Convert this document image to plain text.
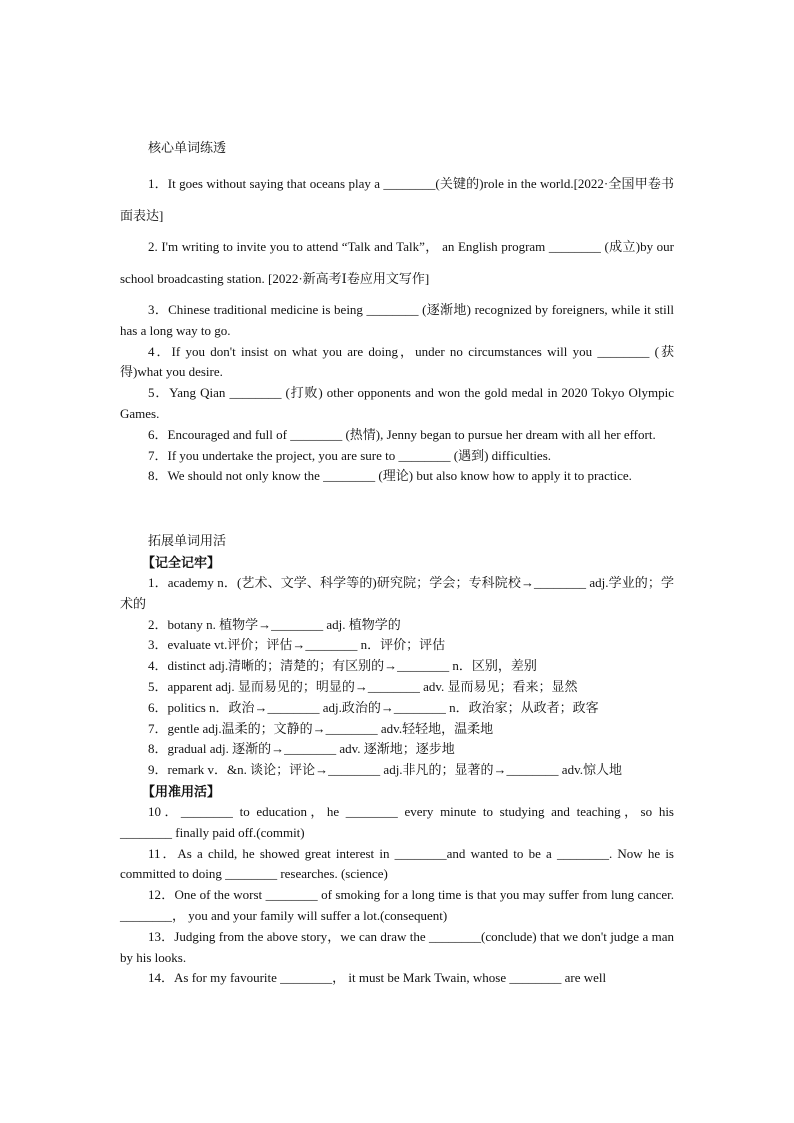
核心单词练透

1．It goes without saying that oceans play a ________(关键的)role in the world.[2022·全国甲卷书面表达]

2. I'm writing to invite you to attend “Talk and Talk”， an English program ________ (成立)by our school broadcasting station. [2022·新高考Ⅰ卷应用文写作]

3．Chinese traditional medicine is being ________ (逐渐地) recognized by foreigners, while it still has a long way to go.

4．If you don't insist on what you are doing，under no circumstances will you ________ (获得)what you desire.

5．Yang Qian ________ (打败) other opponents and won the gold medal in 2020 Tokyo Olympic Games.

6．Encouraged and full of ________ (热情), Jenny began to pursue her dream with all her effort.

7．If you undertake the project, you are sure to ________ (遇到) difficulties.

8．We should not only know the ________ (理论) but also know how to apply it to practice.

拓展单词用活

【记全记牢】

1．academy n．(艺术、文学、科学等的)研究院；学会；专科院校→________ adj.学业的；学术的

2．botany n. 植物学→________ adj. 植物学的

3．evaluate vt.评价；评估→________ n．评价；评估

4．distinct adj.清晰的；清楚的；有区别的→________ n．区别，差别

5．apparent adj. 显而易见的；明显的→________ adv. 显而易见；看来；显然

6．politics n．政治→________ adj.政治的→________ n．政治家；从政者；政客

7．gentle adj.温柔的；文静的→________ adv.轻轻地，温柔地

8．gradual adj. 逐渐的→________ adv. 逐渐地；逐步地

9．remark v．&n. 谈论；评论→________ adj.非凡的；显著的→________ adv.惊人地

【用准用活】

10．________ to education，he ________ every minute to studying and teaching，so his ________ finally paid off.(commit)

11．As a child, he showed great interest in ________and wanted to be a ________. Now he is committed to doing ________ researches. (science)

12．One of the worst ________ of smoking for a long time is that you may suffer from lung cancer. ________， you and your family will suffer a lot.(consequent)

13．Judging from the above story，we can draw the ________(conclude) that we don't judge a man by his looks.

14．As for my favourite ________， it must be Mark Twain, whose ________ are well
